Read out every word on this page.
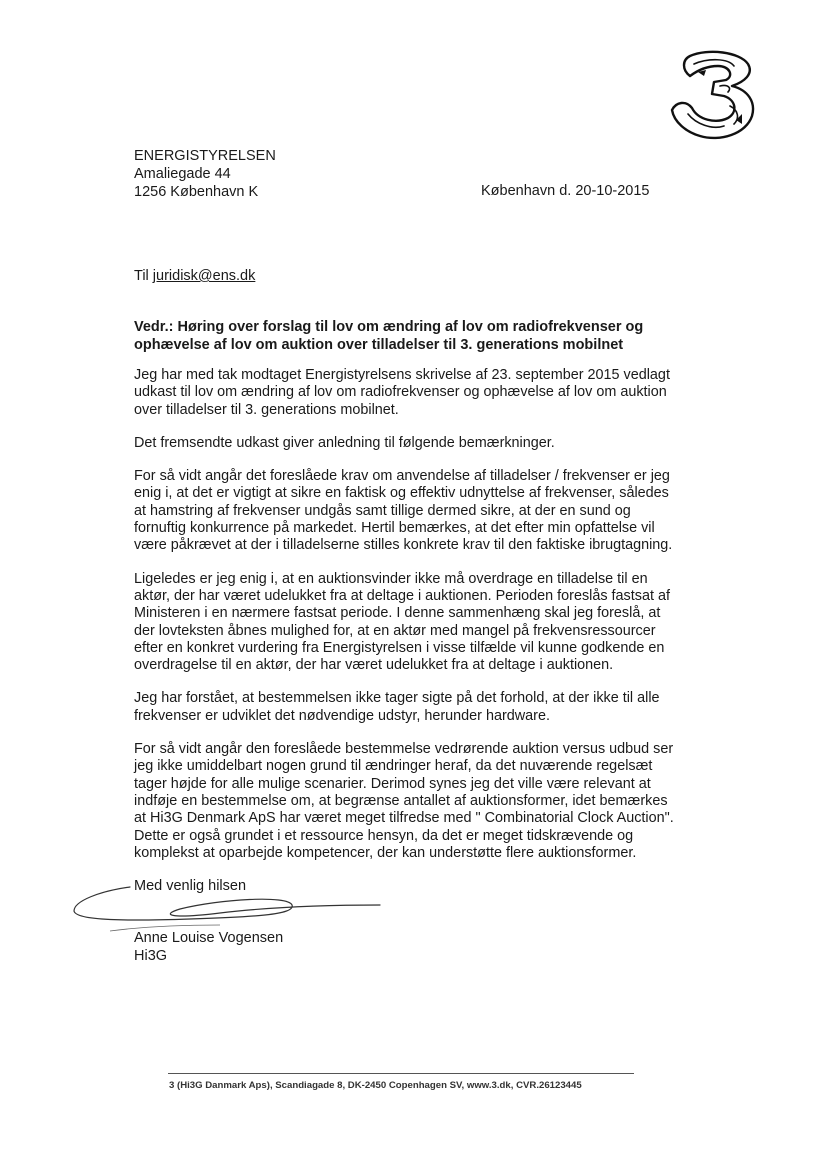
ENERGISTYRELSEN
Amaliegade 44
1256 København K	København d. 20-10-2015
Til juridisk@ens.dk
Vedr.: Høring over forslag til lov om ændring af lov om radiofrekvenser og
ophævelse af lov om auktion over tilladelser til 3. generations mobilnet

Jeg har med tak modtaget Energistyrelsens skrivelse af 23. september 2015 vedlagt
udkast til lov om ændring af lov om radiofrekvenser og ophævelse af lov om auktion
over tilladelser til 3. generations mobilnet.

Det fremsendte udkast giver anledning til følgende bemærkninger.

For så vidt angår det foreslåede krav om anvendelse af tilladelser / frekvenser er jeg
enig i, at det er vigtigt at sikre en faktisk og effektiv udnyttelse af frekvenser, således
at hamstring af frekvenser undgås samt tillige dermed sikre, at der en sund og
fornuftig konkurrence på markedet. Hertil bemærkes, at det efter min opfattelse vil
være påkrævet at der i tilladelserne stilles konkrete krav til den faktiske ibrugtagning.

Ligeledes er jeg enig i, at en auktionsvinder ikke må overdrage en tilladelse til en
aktør, der har været udelukket fra at deltage i auktionen. Perioden foreslås fastsat af
Ministeren i en nærmere fastsat periode. I denne sammenhæng skal jeg foreslå, at
der lovteksten åbnes mulighed for, at en aktør med mangel på frekvensressourcer
efter en konkret vurdering fra Energistyrelsen i visse tilfælde vil kunne godkende en
overdragelse til en aktør, der har været udelukket fra at deltage i auktionen.

Jeg har forstået, at bestemmelsen ikke tager sigte på det forhold, at der ikke til alle
frekvenser er udviklet det nødvendige udstyr, herunder hardware.

For så vidt angår den foreslåede bestemmelse vedrørende auktion versus udbud ser
jeg ikke umiddelbart nogen grund til ændringer heraf, da det nuværende regelsæt
tager højde for alle mulige scenarier. Derimod synes jeg det ville være relevant at
indføje en bestemmelse om, at begrænse antallet af auktionsformer, idet bemærkes
at Hi3G Denmark ApS har været meget tilfredse med " Combinatorial Clock Auction".
Dette er også grundet i et ressource hensyn, da det er meget tidskrævende og
komplekst at oparbejde kompetencer, der kan understøtte flere auktionsformer.

Med venlig hilsen
Anne Louise Vogensen
Hi3G
3 (Hi3G Danmark Aps), Scandiagade 8, DK-2450 Copenhagen SV, www.3.dk, CVR.26123445
